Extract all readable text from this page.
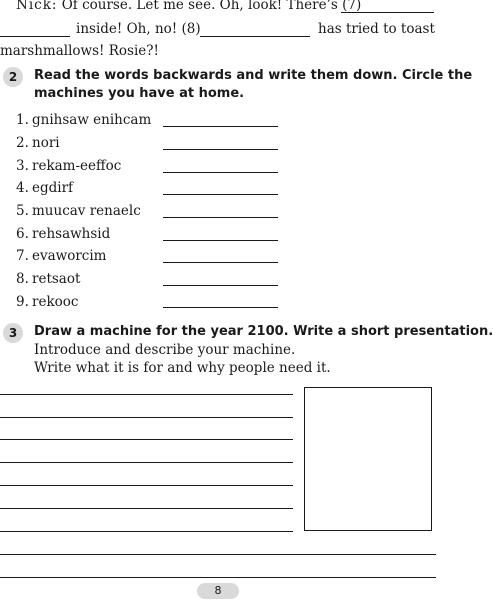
Nick: Of course. Let me see. Oh, look! There’s (7)
inside! Oh, no! (8)	has tried to toast
marshmallows! Rosie?!
2	Read the words backwards and write them down. Circle the
machines you have at home.
1. gnihsaw enihcam
2. nori
3. rekam-eeffoc
4. egdirf
5. muucav renaelc
6. rehsawhsid
7. evaworcim
8. retsaot
9. rekooc
3	Draw a machine for the year 2100. Write a short presentation.
Introduce and describe your machine.
Write what it is for and why people need it.
8
